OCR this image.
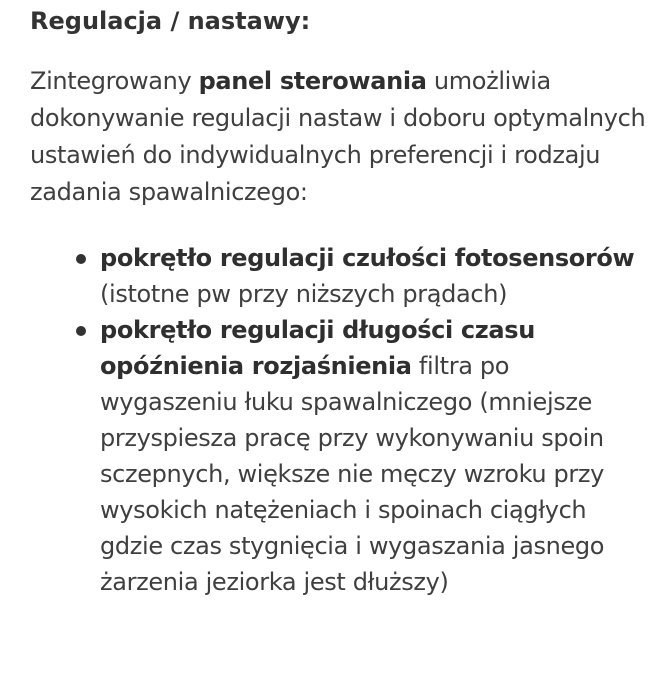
Regulacja / nastawy:

Zintegrowany panel sterowania umożliwia dokonywanie regulacji nastaw i doboru optymalnych ustawień do indywidualnych preferencji i rodzaju zadania spawalniczego:

pokrętło regulacji czułości fotosensorów (istotne pw przy niższych prądach)
pokrętło regulacji długości czasu opóźnienia rozjaśnienia filtra po wygaszeniu łuku spawalniczego (mniejsze przyspiesza pracę przy wykonywaniu spoin sczepnych, większe nie męczy wzroku przy wysokich natężeniach i spoinach ciągłych gdzie czas stygnięcia i wygaszania jasnego żarzenia jeziorka jest dłuższy)
